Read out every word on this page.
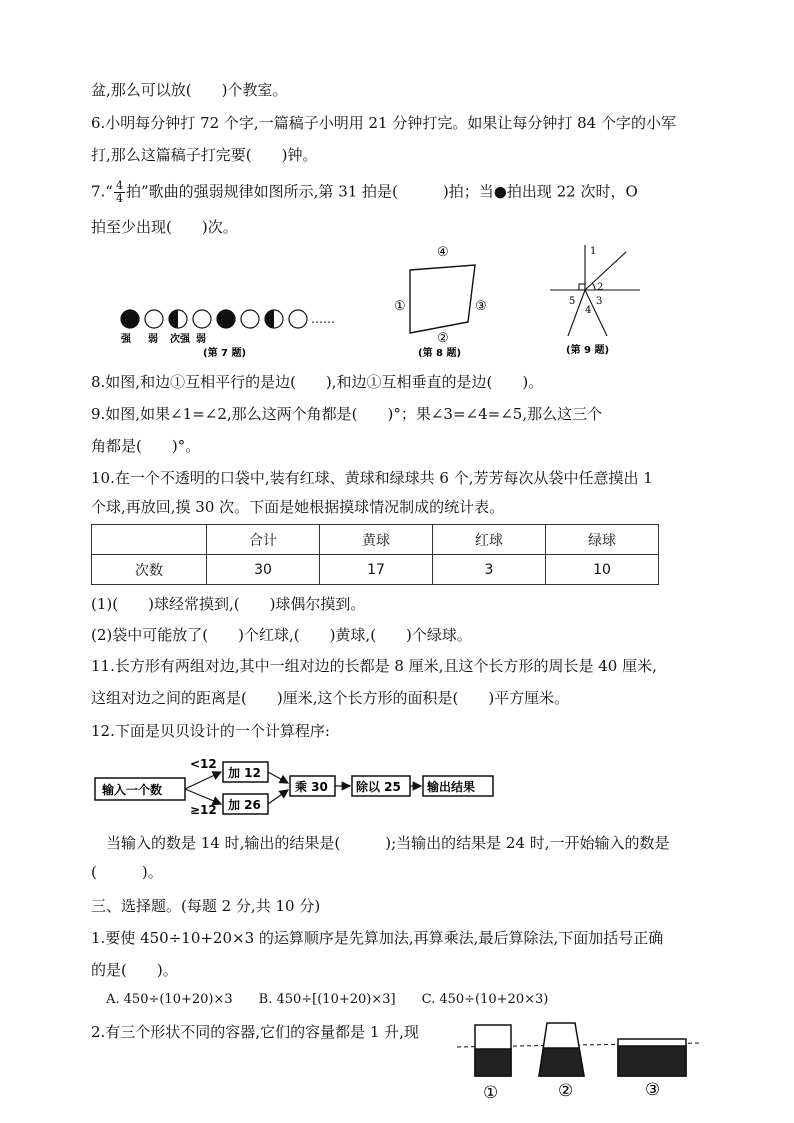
盆,那么可以放(　　)个教室。
6.小明每分钟打 72 个字,一篇稿子小明用 21 分钟打完。如果让每分钟打 84 个字的小军
打,那么这篇稿子打完要(　　)钟。
7.“ $\frac{4}{4}$ 拍”歌曲的强弱规律如图所示,第 31 拍是(　　　)拍；当●拍出现 22 次时，O
拍至少出现(　　)次。
……
强 弱 次强 弱
(第 7 题)
④
①	③
②
(第 8 题)
1
2
3
4
5
(第 9 题)
8.如图,和边①互相平行的是边(　　),和边①互相垂直的是边(　　)。
9.如图,如果∠1=∠2,那么这两个角都是(　　)°；果∠3=∠4=∠5,那么这三个
角都是(　　)°。
10.在一个不透明的口袋中,装有红球、黄球和绿球共 6 个,芳芳每次从袋中任意摸出 1
个球,再放回,摸 30 次。下面是她根据摸球情况制成的统计表。
	合计	黄球	红球	绿球
次数	30	17	3	10
(1)(　　)球经常摸到,(　　)球偶尔摸到。
(2)袋中可能放了(　　)个红球,(　　)黄球,(　　)个绿球。
11.长方形有两组对边,其中一组对边的长都是 8 厘米,且这个长方形的周长是 40 厘米,
这组对边之间的距离是(　　)厘米,这个长方形的面积是(　　)平方厘米。
12.下面是贝贝设计的一个计算程序:
输入一个数
<12
≥12
加 12
加 26
乘 30 除以 25 输出结果
当输入的数是 14 时,输出的结果是(　　　);当输出的结果是 24 时,一开始输入的数是
(　　　)。
三、选择题。(每题 2 分,共 10 分)
1.要使 450÷10+20×3 的运算顺序是先算加法,再算乘法,最后算除法,下面加括号正确
的是(　　)。
A. 450÷(10+20)×3　　B. 450÷[(10+20)×3]　　C. 450÷(10+20×3)
2.有三个形状不同的容器,它们的容量都是 1 升,现
①	②	③
